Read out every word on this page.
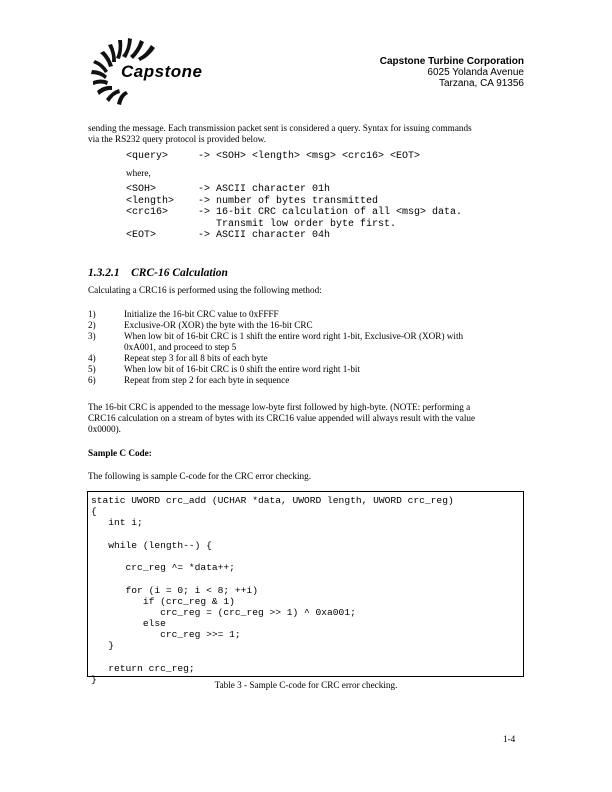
Capstone
Capstone Turbine Corporation
6025 Yolanda Avenue
Tarzana, CA 91356
sending the message. Each transmission packet sent is considered a query. Syntax for issuing commands
via the RS232 query protocol is provided below.
<query>     -> <SOH> <length> <msg> <crc16> <EOT>
where,
<SOH>       -> ASCII character 01h
<length>    -> number of bytes transmitted
<crc16>     -> 16-bit CRC calculation of all <msg> data.
Transmit low order byte first.
<EOT>       -> ASCII character 04h
1.3.2.1 CRC-16 Calculation
Calculating a CRC16 is performed using the following method:
1)	Initialize the 16-bit CRC value to 0xFFFF
2)	Exclusive-OR (XOR) the byte with the 16-bit CRC
3)	When low bit of 16-bit CRC is 1 shift the entire word right 1-bit, Exclusive-OR (XOR) with
0xA001, and proceed to step 5
4)	Repeat step 3 for all 8 bits of each byte
5)	When low bit of 16-bit CRC is 0 shift the entire word right 1-bit
6)	Repeat from step 2 for each byte in sequence
The 16-bit CRC is appended to the message low-byte first followed by high-byte. (NOTE: performing a
CRC16 calculation on a stream of bytes with its CRC16 value appended will always result with the value
0x0000).
Sample C Code:
The following is sample C-code for the CRC error checking.
static UWORD crc_add (UCHAR *data, UWORD length, UWORD crc_reg)
{
int i;
while (length--) {
crc_reg ^= *data++;
for (i = 0; i < 8; ++i)
if (crc_reg & 1)
crc_reg = (crc_reg >> 1) ^ 0xa001;
else
crc_reg >>= 1;
}
return crc_reg;
}	Table 3 - Sample C-code for CRC error checking.
1-4
